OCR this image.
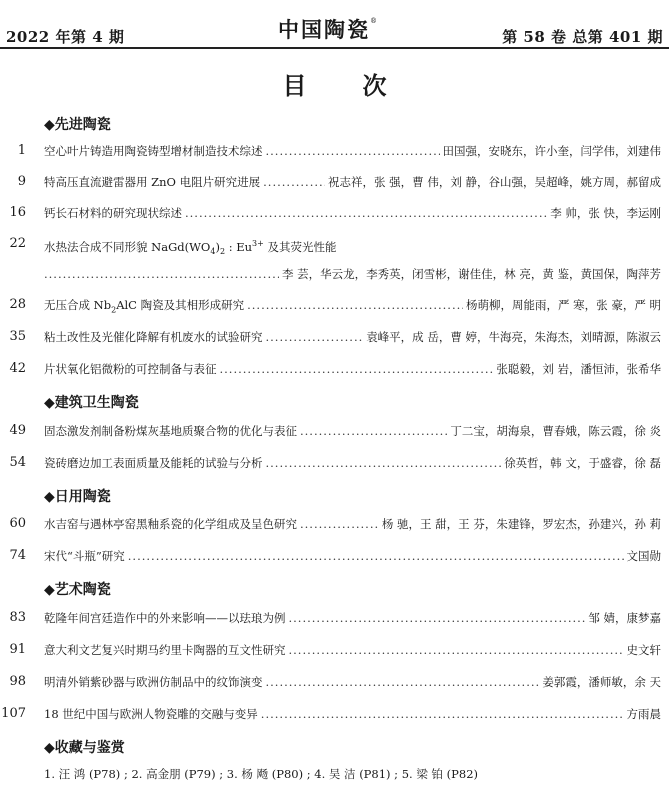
2022 年第 4 期	中国陶瓷®
第 58 卷 总第 401 期
目次
◆先进陶瓷
1 空心叶片铸造用陶瓷铸型增材制造技术综述 .....	田国强，安晓东，许小奎，闫学伟，刘建伟
9 特高压直流避雷器用 ZnO 电阻片研究进展 .....	祝志祥，张 强，曹 伟，刘 静，谷山强，吴超峰，姚方周，郝留成
16 钙长石材料的研究现状综述 .....	李 帅，张 快，李运刚
22 水热法合成不同形貌 $NaGd(WO_4)_2$ : $Eu^{3+}$ 及其荧光性能
.....
李 芸，华云龙，李秀英，闭雪彬，谢佳佳，林 亮，黄 鉴，黄国保，陶萍芳
28 无压合成 $Nb_2AlC$ 陶瓷及其相形成研究 .....	杨萌柳，周能雨，严 寒，张 豪，严 明
35 粘土改性及光催化降解有机废水的试验研究 .....	袁峰平，成 岳，曹 婷，牛海亮，朱海杰，刘晴源，陈淑云
42 片状氧化铝微粉的可控制备与表征 .....	张聪毅，刘 岩，潘恒沛，张希华
◆建筑卫生陶瓷
49 固态激发剂制备粉煤灰基地质聚合物的优化与表征 .....	丁二宝，胡海泉，曹春娥，陈云霞，徐 炎
54 瓷砖磨边加工表面质量及能耗的试验与分析 .....	徐英哲，韩 文，于盛睿，徐 磊
◆日用陶瓷
60 水吉窑与遇林亭窑黑釉系瓷的化学组成及呈色研究 .....	杨 驰，王 甜，王 芬，朱建锋，罗宏杰，孙建兴，孙 莉
74 宋代“斗瓶”研究 .....	文国勋
◆艺术陶瓷
83 乾隆年间宫廷造作中的外来影响——以珐琅为例 .....	邹 婧，康梦嘉
91 意大利文艺复兴时期马约里卡陶器的互文性研究 .....	史文轩
98 明清外销紫砂器与欧洲仿制品中的纹饰演变 .....	姜郭霞，潘师敏，余 天
107 18 世纪中国与欧洲人物瓷雕的交融与变异 .....	方雨晨
◆收藏与鉴赏
1. 汪 鸿 (P78) ; 2. 高金朋 (P79) ; 3. 杨 飏 (P80) ; 4. 吴 洁 (P81) ; 5. 梁 铂 (P82)
